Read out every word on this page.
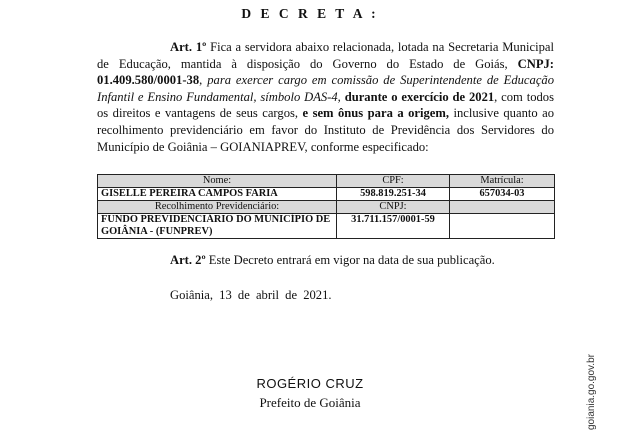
D E C R E T A :
Art. 1º Fica a servidora abaixo relacionada, lotada na Secretaria Municipal de Educação, mantida à disposição do Governo do Estado de Goiás, CNPJ: 01.409.580/0001-38, para exercer cargo em comissão de Superintendente de Educação Infantil e Ensino Fundamental, símbolo DAS-4, durante o exercício de 2021, com todos os direitos e vantagens de seus cargos, e sem ônus para a origem, inclusive quanto ao recolhimento previdenciário em favor do Instituto de Previdência dos Servidores do Município de Goiânia – GOIANIAPREV, conforme especificado:
Nome:	CPF:	Matrícula:
GISELLE PEREIRA CAMPOS FARIA	598.819.251-34	657034-03
Recolhimento Previdenciário:	CNPJ:	
FUNDO PREVIDENCIÁRIO DO MUNICÍPIO DE GOIÂNIA - (FUNPREV)	31.711.157/0001-59	
Art. 2º Este Decreto entrará em vigor na data de sua publicação.
Goiânia, 13 de abril de 2021.
ROGÉRIO CRUZ
Prefeito de Goiânia	goiania.go.gov.br
